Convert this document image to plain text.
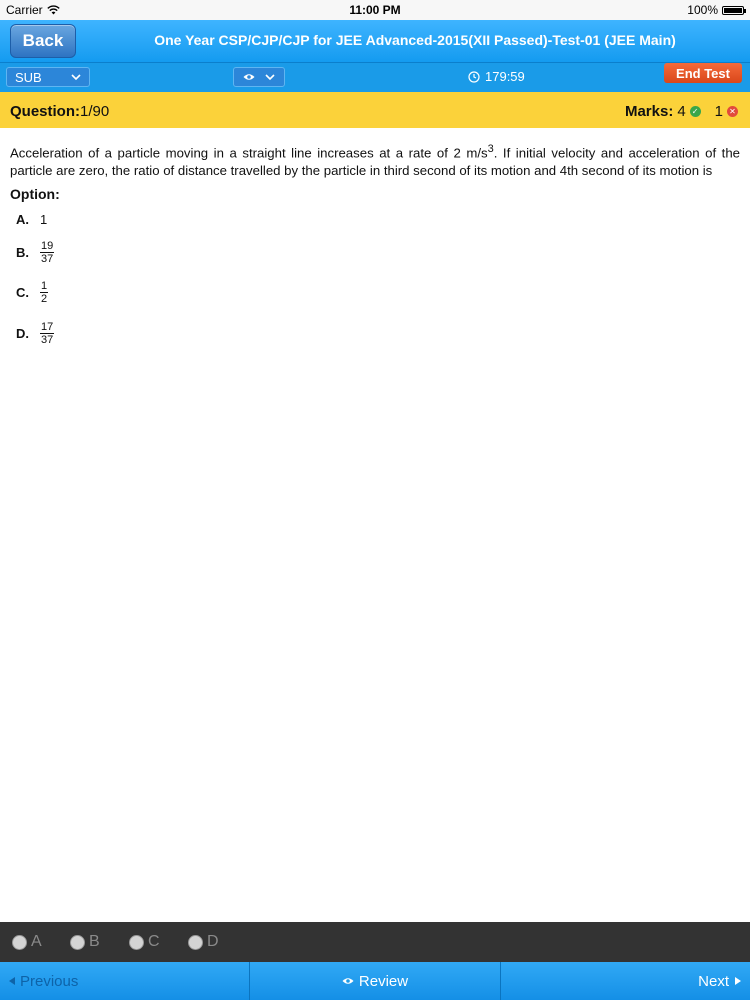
Carrier	11:00 PM	100%
Back	One Year CSP/CJP/CJP for JEE Advanced-2015(XII Passed)-Test-01 (JEE Main)
SUB	179:59	End Test
Question:1/90	Marks: 4 ✓ 1 ✕
Acceleration of a particle moving in a straight line increases at a rate of 2 $m/s^3$. If initial velocity and acceleration of the particle are zero, the ratio of distance travelled by the particle in third second of its motion and 4th second of its motion is
Option:
A. 1
B. $\frac{19}{37}$
C. $\frac{1}{2}$
D. $\frac{17}{37}$
A	B	C	D
Previous	Review	Next
